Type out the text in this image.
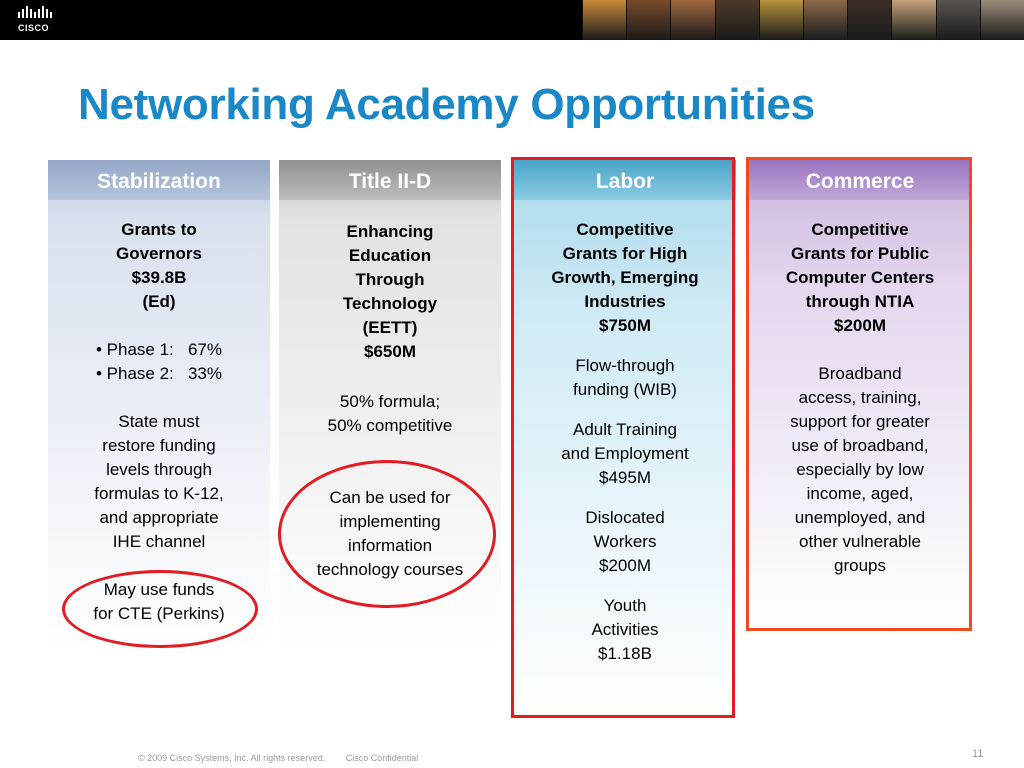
CISCO
Networking Academy Opportunities
Stabilization

Grants to

Governors

$39.8B

(Ed)

• Phase 1:   67%

• Phase 2:   33%

State must

restore funding

levels through

formulas to K-12,

and appropriate

IHE channel

May use funds

for CTE (Perkins)

Title II-D

Enhancing

Education

Through

Technology

(EETT)

$650M

50% formula;

50% competitive

Can be used for

implementing

information

technology courses

Labor

Competitive

Grants for High

Growth, Emerging

Industries

$750M

Flow-through

funding (WIB)

Adult Training

and Employment

$495M

Dislocated

Workers

$200M

Youth

Activities

$1.18B

Commerce

Competitive

Grants for Public

Computer Centers

through NTIA

$200M

Broadband

access, training,

support for greater

use of broadband,

especially by low

income, aged,

unemployed, and

other vulnerable

groups

© 2009 Cisco Systems, Inc. All rights reserved. Cisco Confidential	11
